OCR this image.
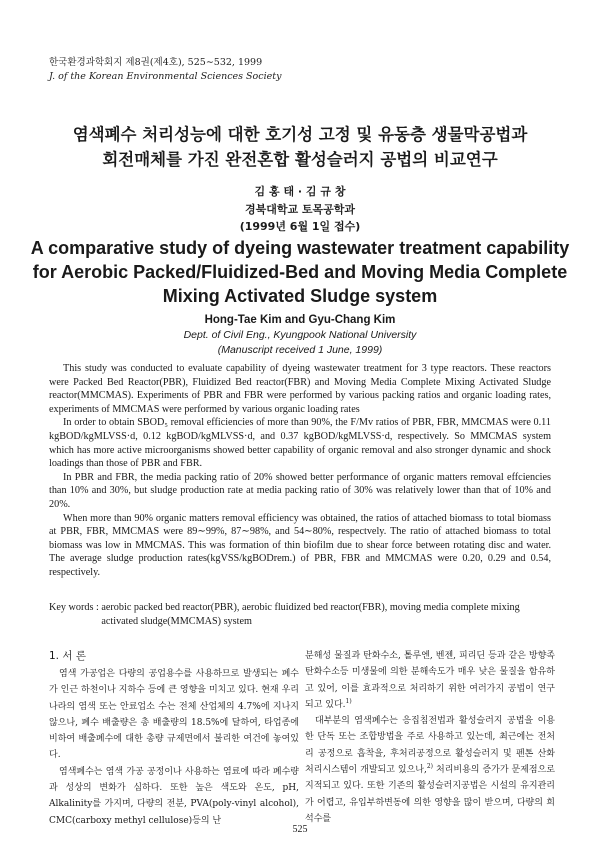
한국환경과학회지 제8권(제4호), 525∼532, 1999
J. of the Korean Environmental Sciences Society
염색폐수 처리성능에 대한 호기성 고정 및 유동층 생물막공법과
회전매체를 가진 완전혼합 활성슬러지 공법의 비교연구
김 홍 태 · 김 규 창
경북대학교 토목공학과
(1999년 6월 1일 접수)
A comparative study of dyeing wastewater treatment capability
for Aerobic Packed/Fluidized-Bed and Moving Media Complete
Mixing Activated Sludge system
Hong-Tae Kim and Gyu-Chang Kim
Dept. of Civil Eng., Kyungpook National University
(Manuscript received 1 June, 1999)

This study was conducted to evaluate capability of dyeing wastewater treatment for 3 type reactors. These reactors were Packed Bed Reactor(PBR), Fluidized Bed reactor(FBR) and Moving Media Complete Mixing Activated Sludge reactor(MMCMAS). Experiments of PBR and FBR were performed by various packing ratios and organic loading rates, experiments of MMCMAS were performed by various organic loading rates

In order to obtain SBOD₅ removal efficiencies of more than 90%, the F/Mv ratios of PBR, FBR, MMCMAS were 0.11 kgBOD/kgMLVSS·d, 0.12 kgBOD/kgMLVSS·d, and 0.37 kgBOD/kgMLVSS·d, respectively. So MMCMAS system which has more active microorganisms showed better capability of organic removal and also stronger dynamic and shock loadings than those of PBR and FBR.

In PBR and FBR, the media packing ratio of 20% showed better performance of organic matters removal effciencies than 10% and 30%, but sludge production rate at media packing ratio of 30% was relatively lower than that of 10% and 20%.

When more than 90% organic matters removal efficiency was obtained, the ratios of attached biomass to total biomass at PBR, FBR, MMCMAS were 89∼99%, 87∼98%, and 54∼80%, respectvely. The ratio of attached biomass to total biomass was low in MMCMAS. This was formation of thin biofilm due to shear force between rotating disc and water. The average sludge production rates(kgVSS/kgBODrem.) of PBR, FBR and MMCMAS were 0.20, 0.29 and 0.54, respectively.

Key words : aerobic packed bed reactor(PBR), aerobic fluidized bed reactor(FBR), moving media complete mixing activated sludge(MMCMAS) system
1. 서 론

염색 가공업은 다량의 공업용수를 사용하므로 발생되는 폐수가 인근 하천이나 지하수 등에 큰 영향을 미치고 있다. 현재 우리나라의 염색 또는 안료업소 수는 전체 산업체의 4.7%에 지나지 않으나, 폐수 배출량은 총 배출량의 18.5%에 달하여, 타업종에 비하여 배출폐수에 대한 총량 규제면에서 불리한 여건에 놓여있다.

염색폐수는 염색 가공 공정이나 사용하는 염료에 따라 폐수량과 성상의 변화가 심하다. 또한 높은 색도와 온도, pH, Alkalinity를 가지며, 다량의 전분, PVA(poly-vinyl alcohol), CMC(carboxy methyl cellulose)등의 난

분해성 물질과 탄화수소, 톨루엔, 벤젠, 피리딘 등과 같은 방향족 탄화수소등 미생물에 의한 분해속도가 매우 낮은 물질을 함유하고 있어, 이를 효과적으로 처리하기 위한 여러가지 공법이 연구되고 있다.$^{1)}$

대부분의 염색폐수는 응집침전법과 활성슬러지 공법을 이용한 단독 또는 조합방법을 주로 사용하고 있는데, 최근에는 전처리 공정으로 흡착을, 후처리공정으로 활성슬러지 및 펜톤 산화 처리시스템이 개발되고 있으나,$^{2)}$ 처리비용의 증가가 문제점으로 지적되고 있다. 또한 기존의 활성슬러지공법은 시설의 유지관리가 어렵고, 유입부하변동에 의한 영향을 많이 받으며, 다량의 희석수를

525
